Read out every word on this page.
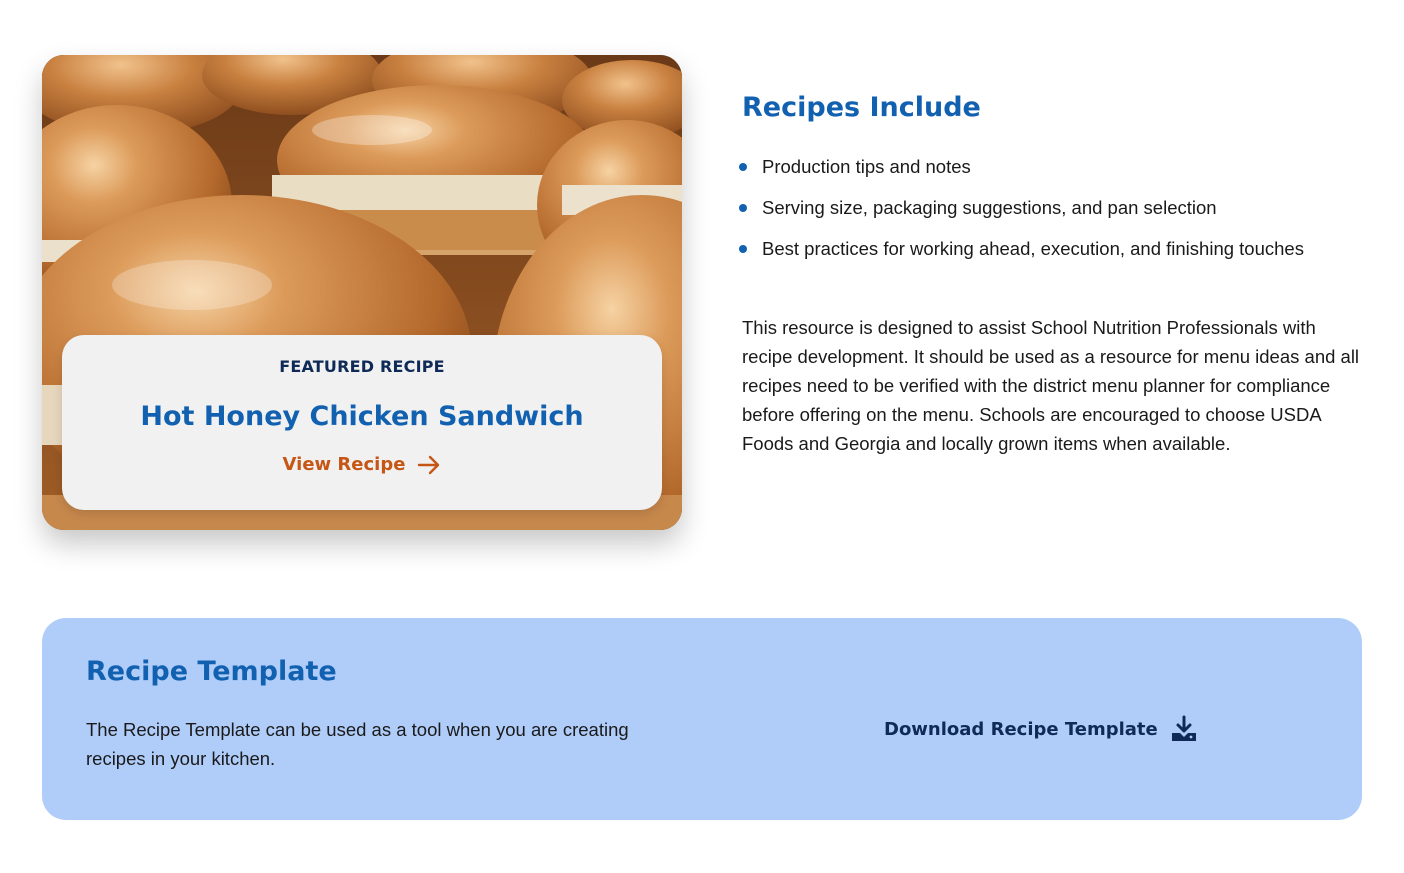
FEATURED RECIPE
Hot Honey Chicken Sandwich
View Recipe
Recipes Include
Production tips and notes
Serving size, packaging suggestions, and pan selection
Best practices for working ahead, execution, and finishing touches

This resource is designed to assist School Nutrition Professionals with recipe development. It should be used as a resource for menu ideas and all recipes need to be verified with the district menu planner for compliance before offering on the menu. Schools are encouraged to choose USDA Foods and Georgia and locally grown items when available.

Recipe Template

The Recipe Template can be used as a tool when you are creating recipes in your kitchen.

Download Recipe Template
